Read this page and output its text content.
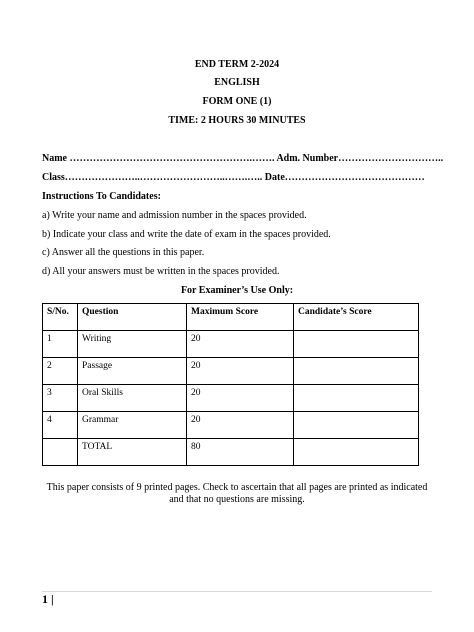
END TERM 2-2024
ENGLISH
FORM ONE (1)
TIME: 2 HOURS 30 MINUTES
Name ……………………………………………….……. Adm. Number…………………………..
Class…………………..……………………..…….….. Date……………………………………
Instructions To Candidates:
a) Write your name and admission number in the spaces provided.
b) Indicate your class and write the date of exam in the spaces provided.
c) Answer all the questions in this paper.
d) All your answers must be written in the spaces provided.
For Examiner’s Use Only:
S/No.	Question	Maximum Score	Candidate’s Score
1	Writing	20	
2	Passage	20	
3	Oral Skills	20	
4	Grammar	20	
	TOTAL	80	
This paper consists of 9 printed pages. Check to ascertain that all pages are printed as indicated and that no questions are missing.
1 |
